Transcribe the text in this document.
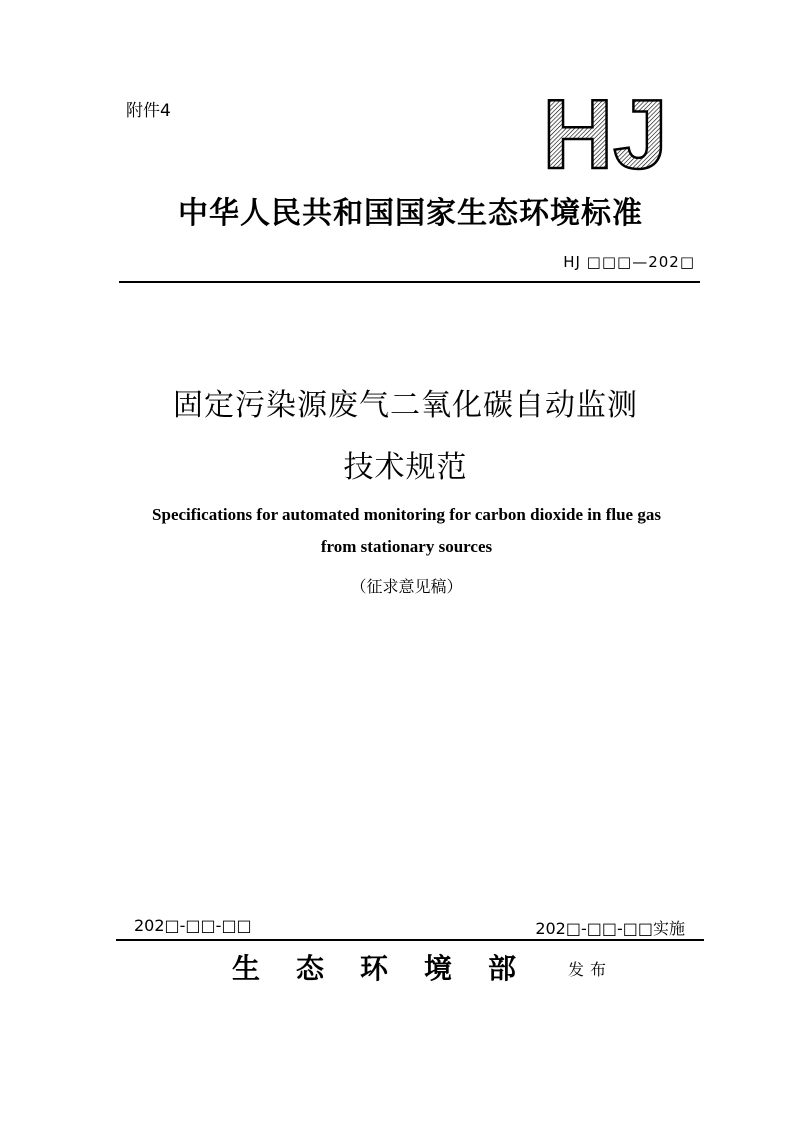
附件4	HJ
中华人民共和国国家生态环境标准
HJ □□□—202□
固定污染源废气二氧化碳自动监测
技术规范
Specifications for automated monitoring for carbon dioxide in flue gas
from stationary sources
（征求意见稿）
202□-□□-□□	202□-□□-□□实施
生态环境部 发布
